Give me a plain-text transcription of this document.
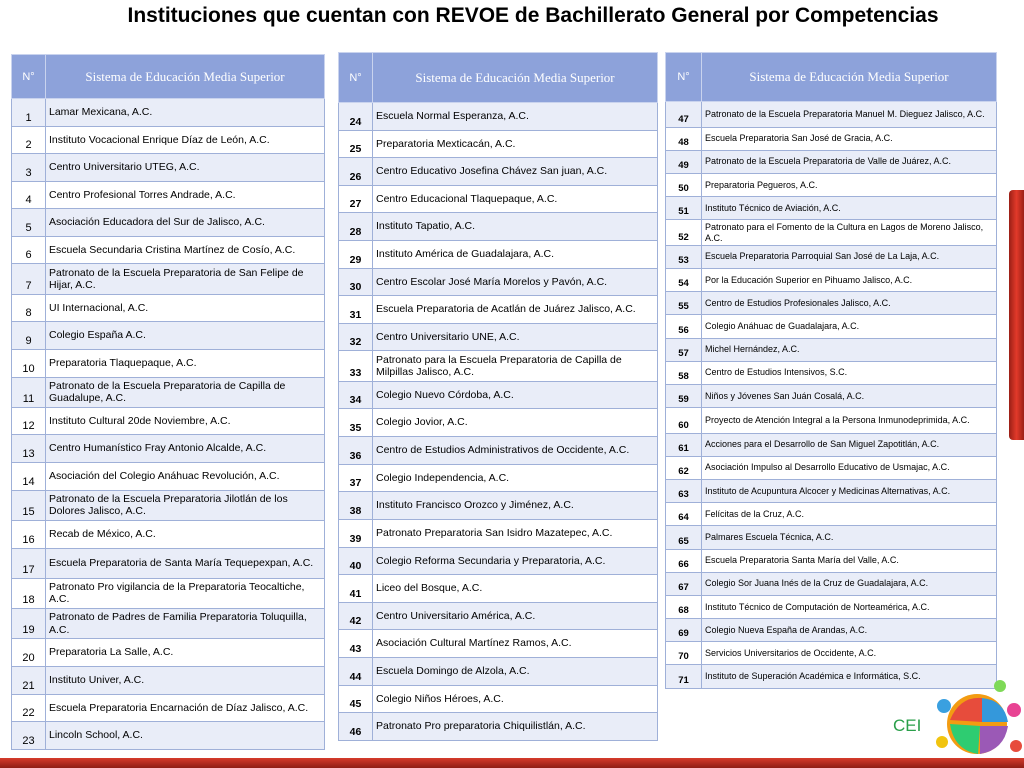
Instituciones que cuentan con REVOE de Bachillerato General por Competencias
N°	Sistema de Educación Media Superior
1	Lamar Mexicana, A.C.
2	Instituto Vocacional Enrique Díaz de León, A.C.
3	Centro Universitario UTEG, A.C.
4	Centro Profesional Torres Andrade, A.C.
5	Asociación Educadora del Sur de Jalisco, A.C.
6	Escuela Secundaria Cristina Martínez de Cosío, A.C.
7	Patronato de la Escuela Preparatoria de San Felipe de Hijar, A.C.
8	UI Internacional, A.C.
9	Colegio España A.C.
10	Preparatoria Tlaquepaque, A.C.
11	Patronato de la Escuela Preparatoria de Capilla de Guadalupe, A.C.
12	Instituto Cultural 20de Noviembre, A.C.
13	Centro Humanístico Fray Antonio Alcalde, A.C.
14	Asociación del Colegio Anáhuac Revolución, A.C.
15	Patronato de la Escuela Preparatoria Jilotlán de los Dolores Jalisco, A.C.
16	Recab de México, A.C.
17	Escuela Preparatoria de Santa María Tequepexpan, A.C.
18	Patronato Pro vigilancia de la Preparatoria Teocaltiche, A.C.
19	Patronato de Padres de Familia Preparatoria Toluquilla, A.C.
20	Preparatoria La Salle, A.C.
21	Instituto Univer, A.C.
22	Escuela Preparatoria Encarnación de Díaz Jalisco, A.C.
23	Lincoln School, A.C.
N°	Sistema de Educación Media Superior
24	Escuela Normal Esperanza, A.C.
25	Preparatoria Mexticacán, A.C.
26	Centro Educativo Josefina Chávez San juan, A.C.
27	Centro Educacional Tlaquepaque, A.C.
28	Instituto Tapatio, A.C.
29	Instituto América de Guadalajara, A.C.
30	Centro Escolar José María Morelos y Pavón, A.C.
31	Escuela Preparatoria de Acatlán de Juárez Jalisco, A.C.
32	Centro Universitario UNE, A.C.
33	Patronato para la Escuela Preparatoria de Capilla de Milpillas Jalisco, A.C.
34	Colegio Nuevo Córdoba, A.C.
35	Colegio Jovior, A.C.
36	Centro de Estudios Administrativos de Occidente, A.C.
37	Colegio Independencia, A.C.
38	Instituto Francisco Orozco y Jiménez, A.C.
39	Patronato Preparatoria San Isidro Mazatepec, A.C.
40	Colegio Reforma Secundaria y Preparatoria, A.C.
41	Liceo del Bosque, A.C.
42	Centro Universitario América, A.C.
43	Asociación Cultural Martínez Ramos, A.C.
44	Escuela Domingo de Alzola, A.C.
45	Colegio Niños Héroes, A.C.
46	Patronato Pro preparatoria Chiquilistlán, A.C.
N°	Sistema de Educación Media Superior
47	Patronato de la Escuela Preparatoria Manuel M. Dieguez Jalisco, A.C.
48	Escuela Preparatoria San José de Gracia, A.C.
49	Patronato de la Escuela Preparatoria de Valle de Juárez, A.C.
50	Preparatoria Pegueros, A.C.
51	Instituto Técnico de Aviación, A.C.
52	Patronato para el Fomento de la Cultura en Lagos de Moreno Jalisco, A.C.
53	Escuela Preparatoria Parroquial San José de La Laja, A.C.
54	Por la Educación Superior en Pihuamo Jalisco, A.C.
55	Centro de Estudios Profesionales Jalisco, A.C.
56	Colegio Anáhuac de Guadalajara, A.C.
57	Michel Hernández, A.C.
58	Centro de Estudios Intensivos, S.C.
59	Niños y Jóvenes San Juán Cosalá, A.C.
60	Proyecto de Atención Integral a la Persona Inmunodeprimida, A.C.
61	Acciones para el Desarrollo de San Miguel Zapotitlán, A.C.
62	Asociación Impulso al Desarrollo Educativo de Usmajac, A.C.
63	Instituto de Acupuntura Alcocer y Medicinas Alternativas, A.C.
64	Felícitas de la Cruz, A.C.
65	Palmares Escuela Técnica, A.C.
66	Escuela Preparatoria Santa María del Valle, A.C.
67	Colegio Sor Juana Inés de la Cruz de Guadalajara, A.C.
68	Instituto Técnico de Computación de Norteamérica, A.C.
69	Colegio Nueva España de Arandas, A.C.
70	Servicios Universitarios de Occidente, A.C.
71	Instituto de Superación Académica e Informática, S.C.
CEI
